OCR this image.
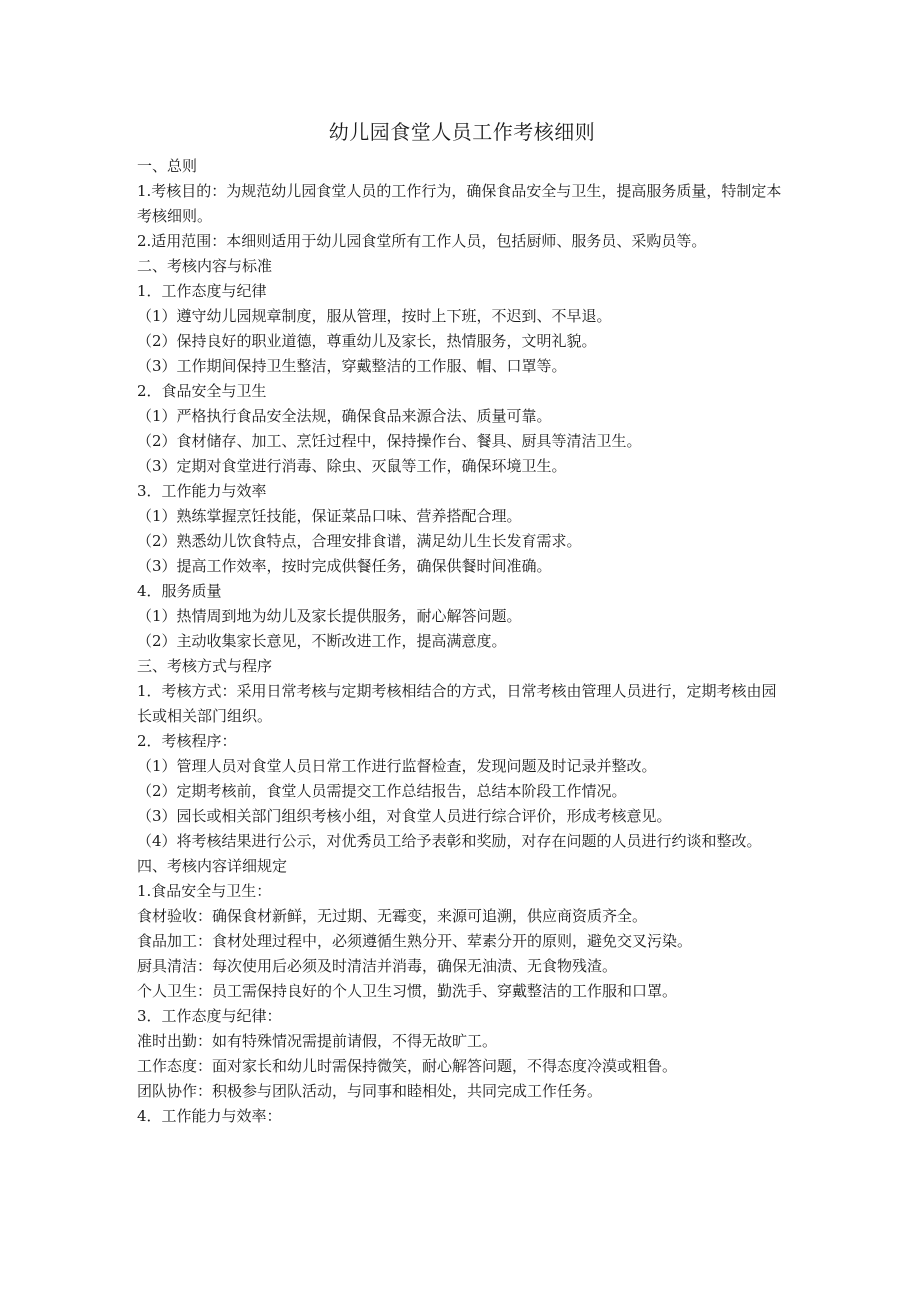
幼儿园食堂人员工作考核细则

一、总则

1.考核目的：为规范幼儿园食堂人员的工作行为，确保食品安全与卫生，提高服务质量，特制定本考核细则。

2.适用范围：本细则适用于幼儿园食堂所有工作人员，包括厨师、服务员、采购员等。

二、考核内容与标准

1．工作态度与纪律

（1）遵守幼儿园规章制度，服从管理，按时上下班，不迟到、不早退。

（2）保持良好的职业道德，尊重幼儿及家长，热情服务，文明礼貌。

（3）工作期间保持卫生整洁，穿戴整洁的工作服、帽、口罩等。

2．食品安全与卫生

（1）严格执行食品安全法规，确保食品来源合法、质量可靠。

（2）食材储存、加工、烹饪过程中，保持操作台、餐具、厨具等清洁卫生。

（3）定期对食堂进行消毒、除虫、灭鼠等工作，确保环境卫生。

3．工作能力与效率

（1）熟练掌握烹饪技能，保证菜品口味、营养搭配合理。

（2）熟悉幼儿饮食特点，合理安排食谱，满足幼儿生长发育需求。

（3）提高工作效率，按时完成供餐任务，确保供餐时间准确。

4．服务质量

（1）热情周到地为幼儿及家长提供服务，耐心解答问题。

（2）主动收集家长意见，不断改进工作，提高满意度。

三、考核方式与程序

1．考核方式：采用日常考核与定期考核相结合的方式，日常考核由管理人员进行，定期考核由园长或相关部门组织。

2．考核程序：

（1）管理人员对食堂人员日常工作进行监督检查，发现问题及时记录并整改。

（2）定期考核前，食堂人员需提交工作总结报告，总结本阶段工作情况。

（3）园长或相关部门组织考核小组，对食堂人员进行综合评价，形成考核意见。

（4）将考核结果进行公示，对优秀员工给予表彰和奖励，对存在问题的人员进行约谈和整改。

四、考核内容详细规定

1.食品安全与卫生：

食材验收：确保食材新鲜，无过期、无霉变，来源可追溯，供应商资质齐全。

食品加工：食材处理过程中，必须遵循生熟分开、荤素分开的原则，避免交叉污染。

厨具清洁：每次使用后必须及时清洁并消毒，确保无油渍、无食物残渣。

个人卫生：员工需保持良好的个人卫生习惯，勤洗手、穿戴整洁的工作服和口罩。

3．工作态度与纪律：

准时出勤：如有特殊情况需提前请假，不得无故旷工。

工作态度：面对家长和幼儿时需保持微笑，耐心解答问题，不得态度冷漠或粗鲁。

团队协作：积极参与团队活动，与同事和睦相处，共同完成工作任务。

4．工作能力与效率：
